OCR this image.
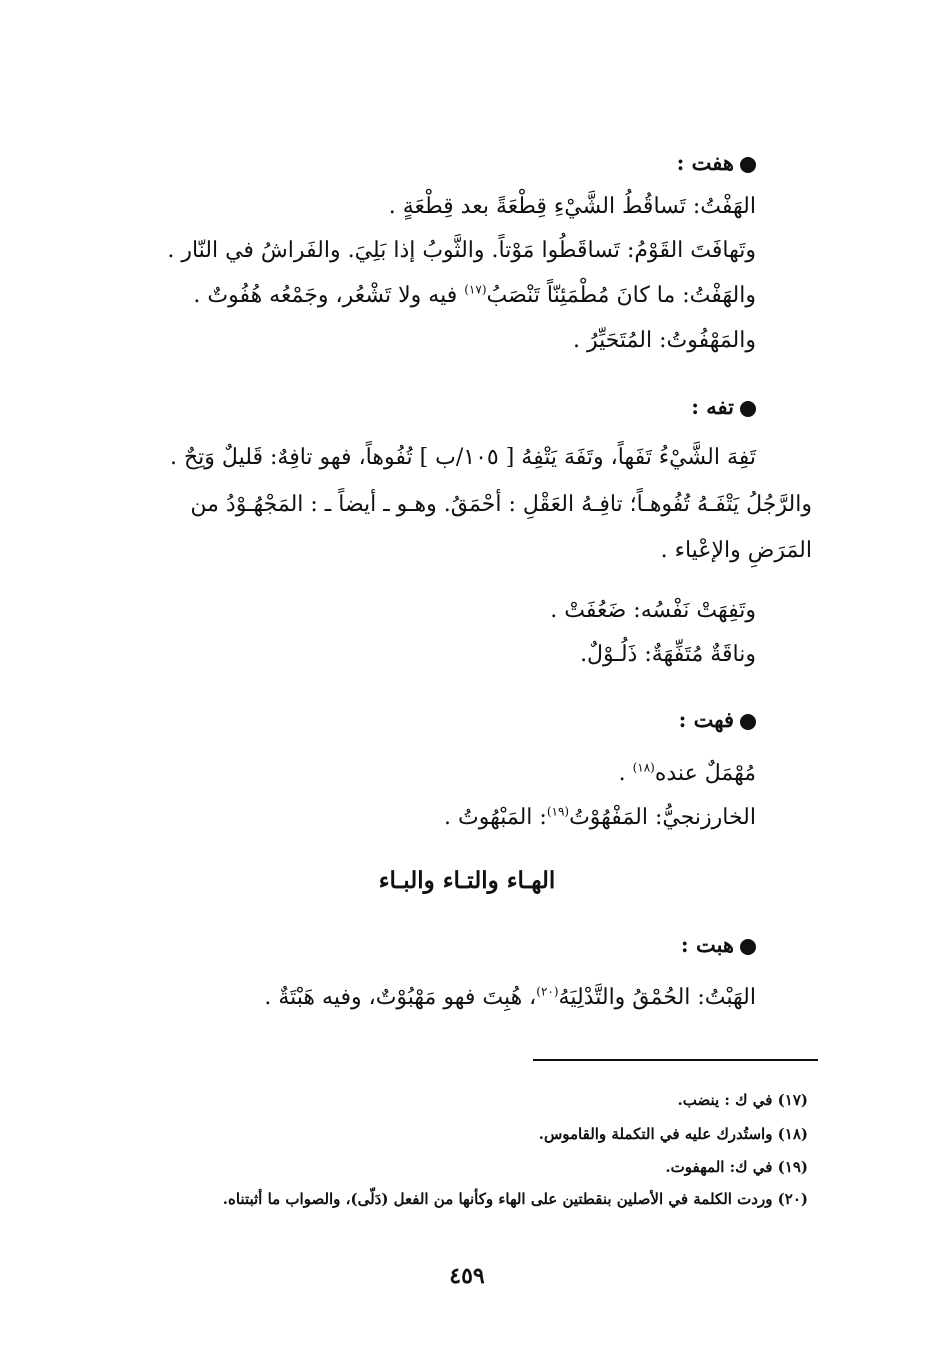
هفت :
الهَفْتُ: تَساقُطُ الشَّيْءِ قِطْعَةً بعد قِطْعَةٍ .
وتَهافَتَ القَوْمُ: تَساقَطُوا مَوْتاً. والثَّوبُ إذا بَلِيَ. والفَراشُ في النّار .
والهَفْتُ: ما كانَ مُطْمَئِنّاً تَنْصَبُ$^{(١٧)}$ فيه ولا تَشْعُر، وجَمْعُه هُفُوتٌ .
والمَهْفُوتُ: المُتَحَيِّرُ .
تفه :
تَفِهَ الشَّيْءُ تَفَهاً، وتَفَهَ يَتْفِهُ [ ١٠٥/ب ] تُفُوهاً، فهو تافِهٌ: قَليلٌ وَتِحٌ .
والرَّجُلُ يَتْفَـهُ تُفُوهـاً؛ تافِـهُ العَقْلِ : أحْمَقُ. وهـو ـ أيضاً ـ : المَجْهُـوْدُ من
المَرَضِ والإعْياء .
وتَفِهَتْ نَفْسُه: ضَعُفَتْ .
وناقَةٌ مُتَفِّهَةٌ: ذَلُـوْلٌ.
فهت :
مُهْمَلٌ عنده$^{(١٨)}$ .
الخارزنجيُّ: المَفْهُوْتُ$^{(١٩)}$: المَبْهُوتُ .
الهـاء والتـاء والبـاء
هبت :
الهَبْتُ: الحُمْقُ والتَّدْلِيَهُ$^{(٢٠)}$، هُبِتَ فهو مَهْبُوْتٌ، وفيه هَبْتَةٌ .
(١٧) في ك : ينضب.
(١٨) واستُدرك عليه في التكملة والقاموس.
(١٩) في ك: المهفوت.
(٢٠) وردت الكلمة في الأصلين بنقطتين على الهاء وكأنها من الفعل (دَلّى)، والصواب ما أثبتناه.
٤٥٩
